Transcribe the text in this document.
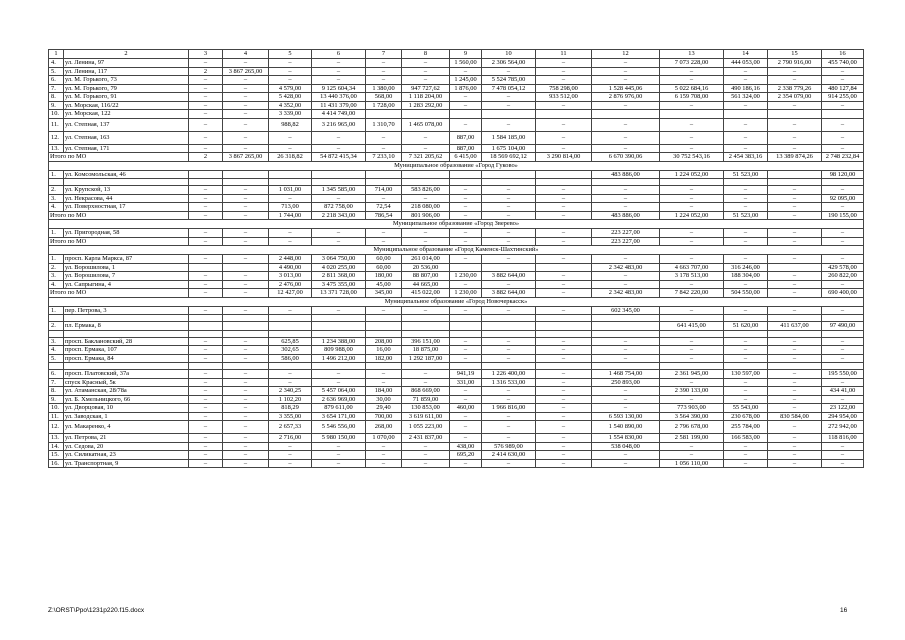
1	2	3	4	5	6	7	8	9	10	11	12	13	14	15	16
4.	ул. Ленина, 97	–	–	–	–	–	–	1 560,00	2 306 564,00	–	–	7 073 228,00	444 053,00	2 790 916,00	455 740,00
5.	ул. Ленина, 117	2	3 867 265,00	–	–	–	–	–	–	–	–	–	–	–	–
6.	ул. М. Горького, 73	–	–	–	–	–	–	1 245,00	5 524 785,00	–	–	–	–	–	–
7.	ул. М. Горького, 79	–	–	4 579,00	9 125 604,34	1 380,00	947 727,62	1 876,00	7 478 054,12	758 298,00	1 528 445,06	5 022 684,16	490 186,16	2 338 779,26	480 127,84
8.	ул. М. Горького, 91	–	–	5 428,00	13 440 376,00	568,00	1 118 204,00	–	–	933 512,00	2 876 976,00	6 159 708,00	561 324,00	2 354 079,00	914 255,00
9.	ул. Морская, 116/22	–	–	4 352,00	11 431 379,00	1 728,00	1 283 292,00	–	–	–	–	–	–	–	–
10.	ул. Морская, 122	–	–	3 339,00	4 414 749,00										
11.	ул. Степная, 137	–	–	988,82	3 216 965,00	1 310,70	1 465 078,00	–	–	–	–	–	–	–	–
12.	ул. Степная, 163	–	–	–	–	–	–	887,00	1 584 185,00	–	–	–	–	–	–
13.	ул. Степная, 171	–	–	–	–	–	–	887,00	1 675 104,00	–	–	–	–	–	–
Итого по МО		2	3 867 265,00	26 318,82	54 872 415,34	7 233,10	7 321 205,62	6 415,00	18 569 692,12	3 290 814,00	6 670 390,06	30 752 543,16	2 454 383,16	13 389 874,26	2 748 232,84
Муниципальное образование «Город Гуково»															
1.	ул. Комсомольская, 46										483 886,00	1 224 052,00	51 523,00		98 120,00

2.	ул. Крупской, 13	–	–	1 031,00	1 345 585,00	714,00	583 826,00	–	–	–	–	–	–	–	–
3.	ул. Некрасова, 44	–	–	–	–	–	–	–	–	–	–	–	–	–	92 095,00
4.	ул. Поверхностная, 17	–	–	713,00	872 758,00	72,54	218 080,00	–	–	–	–	–	–	–	–
Итого по МО		–	–	1 744,00	2 218 343,00	786,54	801 906,00	–	–	–	483 886,00	1 224 052,00	51 523,00	–	190 155,00
Муниципальное образование «Город Зверево»															
1.	ул. Пригородная, 58	–	–	–	–	–	–	–	–	–	223 227,00	–	–	–	–
Итого по МО		–	–	–	–	–	–	–	–	–	223 227,00	–	–	–	–
Муниципальное образование «Город Каменск-Шахтинский»															
1.	просп. Карла Маркса, 87	–	–	2 448,00	3 064 750,00	60,00	261 014,00	–	–	–	–	–	–	–	–
2.	ул. Ворошилова, 1			4 490,00	4 020 255,00	60,00	20 536,00				2 342 483,00	4 663 707,00	316 246,00		429 578,00
3.	ул. Ворошилова, 7	–	–	3 013,00	2 811 368,00	180,00	88 807,00	1 230,00	3 882 644,00	–	–	3 178 513,00	188 304,00	–	260 822,00
4.	ул. Сапрыгина, 4	–	–	2 476,00	3 475 355,00	45,00	44 665,00	–	–	–	–	–	–	–	–
Итого по МО		–	–	12 427,00	13 371 728,00	345,00	415 022,00	1 230,00	3 882 644,00	–	2 342 483,00	7 842 220,00	504 550,00	–	690 400,00
Муниципальное образование «Город Новочеркасск»															
1.	пер. Петрова, 3	–	–	–	–	–	–	–	–	–	602 345,00	–	–	–	–

2.	пл. Ермака, 8											641 415,00	51 620,00	411 637,00	97 490,00

3.	просп. Баклановский, 28	–	–	625,85	1 234 388,00	208,00	396 151,00	–	–	–	–	–	–	–	–
4.	просп. Ермака, 107	–	–	302,65	809 988,00	16,00	18 875,00	–	–	–	–	–	–	–	–
5.	просп. Ермака, 84	–	–	586,00	1 496 212,00	182,00	1 292 187,00	–	–	–	–	–	–	–	–

6.	просп. Платовский, 37а	–	–	–	–	–	–	941,19	1 226 400,00	–	1 468 754,00	2 361 945,00	130 597,00	–	195 550,00
7.	спуск Красный, 5к	–	–	–	–	–	–	331,00	1 316 533,00	–	250 893,00	–	–	–	–
8.	ул. Атаманская, 28/78а	–	–	2 340,25	5 457 064,00	184,00	868 669,00	–	–	–	–	2 390 133,00	–	–	434 41,00
9.	ул. Б. Хмельницкого, 66	–	–	1 102,20	2 636 969,00	30,00	71 859,00	–	–	–	–	–	–	–	–
10.	ул. Дворцовая, 10	–	–	818,29	879 611,00	29,40	130 853,00	460,00	1 966 816,00	–	–	773 903,00	55 543,00	–	23 122,00
11.	ул. Заводская, 1	–	–	3 355,00	3 654 171,00	700,00	3 619 611,00	–	–	–	6 593 130,00	3 564 390,00	230 678,00	830 584,00	294 954,00
12.	ул. Макаренко, 4	–	–	2 657,33	5 546 556,00	268,00	1 055 223,00	–	–	–	1 540 890,00	2 796 678,00	255 784,00	–	272 942,00
13.	ул. Петрова, 21	–	–	2 716,00	5 980 150,00	1 070,00	2 431 837,00	–	–	–	1 554 830,00	2 581 199,00	166 583,00	–	118 816,00
14.	ул. Седова, 20	–	–	–	–	–	–	438,00	576 989,00	–	538 048,00	–	–	–	–
15.	ул. Силикатная, 23	–	–	–	–	–	–	695,20	2 414 630,00	–	–	–	–	–	–
16.	ул. Транспортная, 9	–	–	–	–	–	–	–	–	–	–	1 056 110,00	–	–	–
Z:\ORST\Ppo\1231p220.f15.docx	16
